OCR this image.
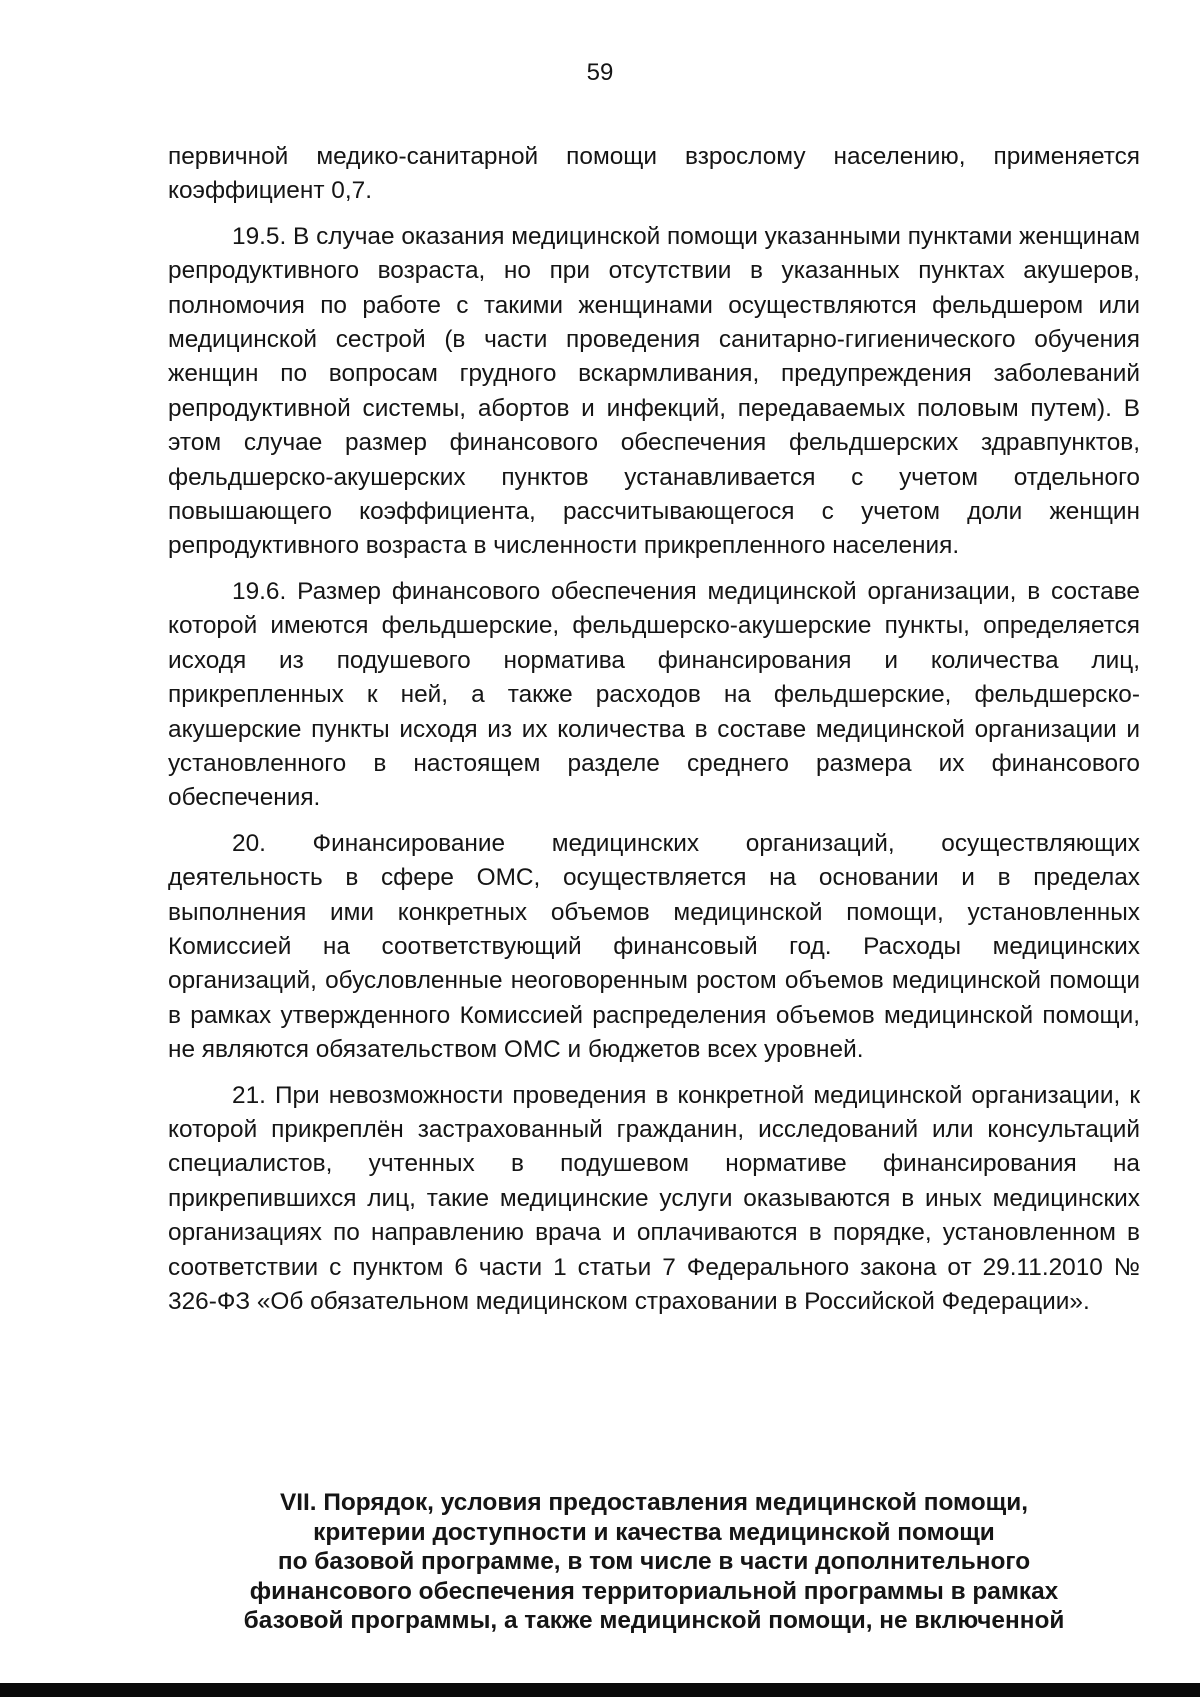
59

первичной медико-санитарной помощи взрослому населению, применяется коэффициент 0,7.

19.5. В случае оказания медицинской помощи указанными пунктами женщинам репродуктивного возраста, но при отсутствии в указанных пунктах акушеров, полномочия по работе с такими женщинами осуществляются фельдшером или медицинской сестрой (в части проведения санитарно-гигиенического обучения женщин по вопросам грудного вскармливания, предупреждения заболеваний репродуктивной системы, абортов и инфекций, передаваемых половым путем). В этом случае размер финансового обеспечения фельдшерских здравпунктов, фельдшерско-акушерских пунктов устанавливается с учетом отдельного повышающего коэффициента, рассчитывающегося с учетом доли женщин репродуктивного возраста в численности прикрепленного населения.

19.6. Размер финансового обеспечения медицинской организации, в составе которой имеются фельдшерские, фельдшерско-акушерские пункты, определяется исходя из подушевого норматива финансирования и количества лиц, прикрепленных к ней, а также расходов на фельдшерские, фельдшерско-акушерские пункты исходя из их количества в составе медицинской организации и установленного в настоящем разделе среднего размера их финансового обеспечения.

20. Финансирование медицинских организаций, осуществляющих деятельность в сфере ОМС, осуществляется на основании и в пределах выполнения ими конкретных объемов медицинской помощи, установленных Комиссией на соответствующий финансовый год. Расходы медицинских организаций, обусловленные неоговоренным ростом объемов медицинской помощи в рамках утвержденного Комиссией распределения объемов медицинской помощи, не являются обязательством ОМС и бюджетов всех уровней.

21. При невозможности проведения в конкретной медицинской организации, к которой прикреплён застрахованный гражданин, исследований или консультаций специалистов, учтенных в подушевом нормативе финансирования на прикрепившихся лиц, такие медицинские услуги оказываются в иных медицинских организациях по направлению врача и оплачиваются в порядке, установленном в соответствии с пунктом 6 части 1 статьи 7 Федерального закона от 29.11.2010 № 326-ФЗ «Об обязательном медицинском страховании в Российской Федерации».

VII. Порядок, условия предоставления медицинской помощи,
критерии доступности и качества медицинской помощи
по базовой программе, в том числе в части дополнительного
финансового обеспечения территориальной программы в рамках
базовой программы, а также медицинской помощи, не включенной
